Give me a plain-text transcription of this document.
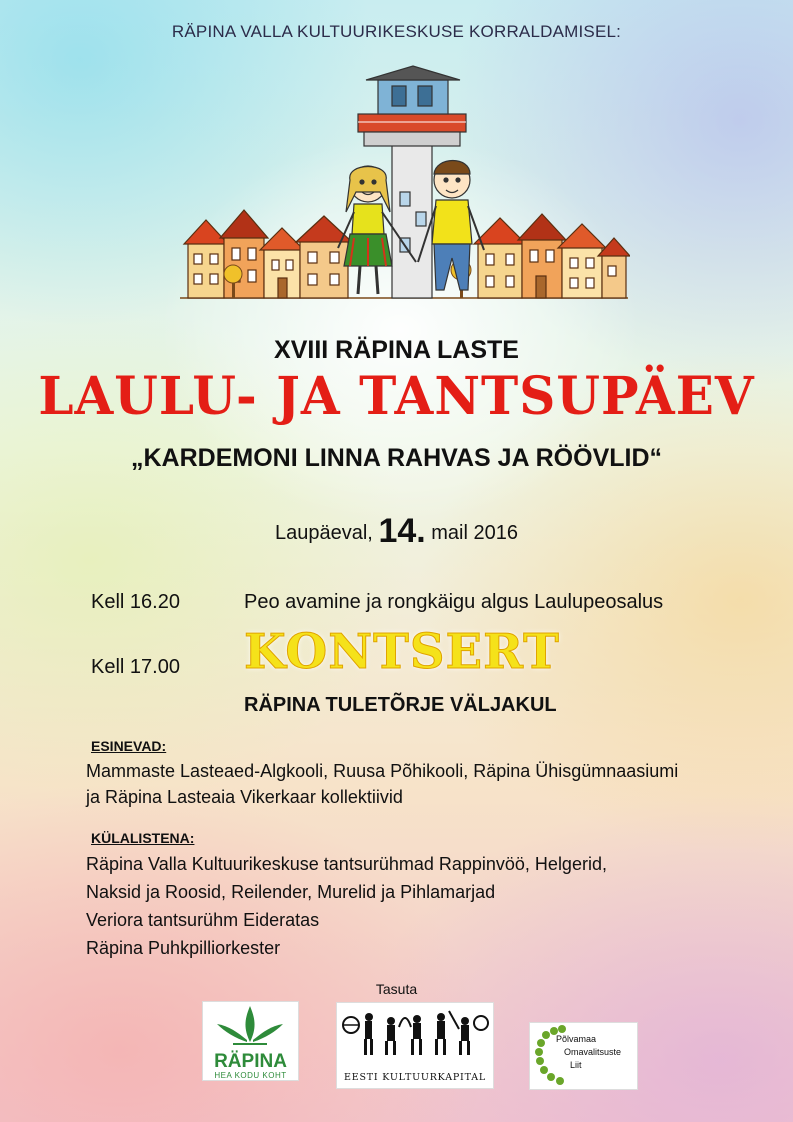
RÄPINA VALLA KULTUURIKESKUSE KORRALDAMISEL:
XVIII RÄPINA LASTE
LAULU- JA TANTSUPÄEV
„KARDEMONI LINNA RAHVAS JA RÖÖVLID“
Laupäeval, 14. mail 2016
Kell 16.20	Peo avamine ja rongkäigu algus Laulupeosalus
Kell 17.00 KONTSERT
RÄPINA TULETÕRJE VÄLJAKUL
ESINEVAD:
Mammaste Lasteaed-Algkooli, Ruusa Põhikooli, Räpina Ühisgümnaasiumi
ja Räpina Lasteaia Vikerkaar kollektiivid
KÜLALISTENA:
Räpina Valla Kultuurikeskuse tantsurühmad Rappinvöö, Helgerid,
Naksid ja Roosid, Reilender, Murelid ja Pihlamarjad
Veriora tantsurühm Eideratas
Räpina Puhkpilliorkester
Tasuta
RÄPINA
HEA KODU KOHT	EESTI KULTUURKAPITAL
Põlvamaa
Omavalitsuste
Liit
